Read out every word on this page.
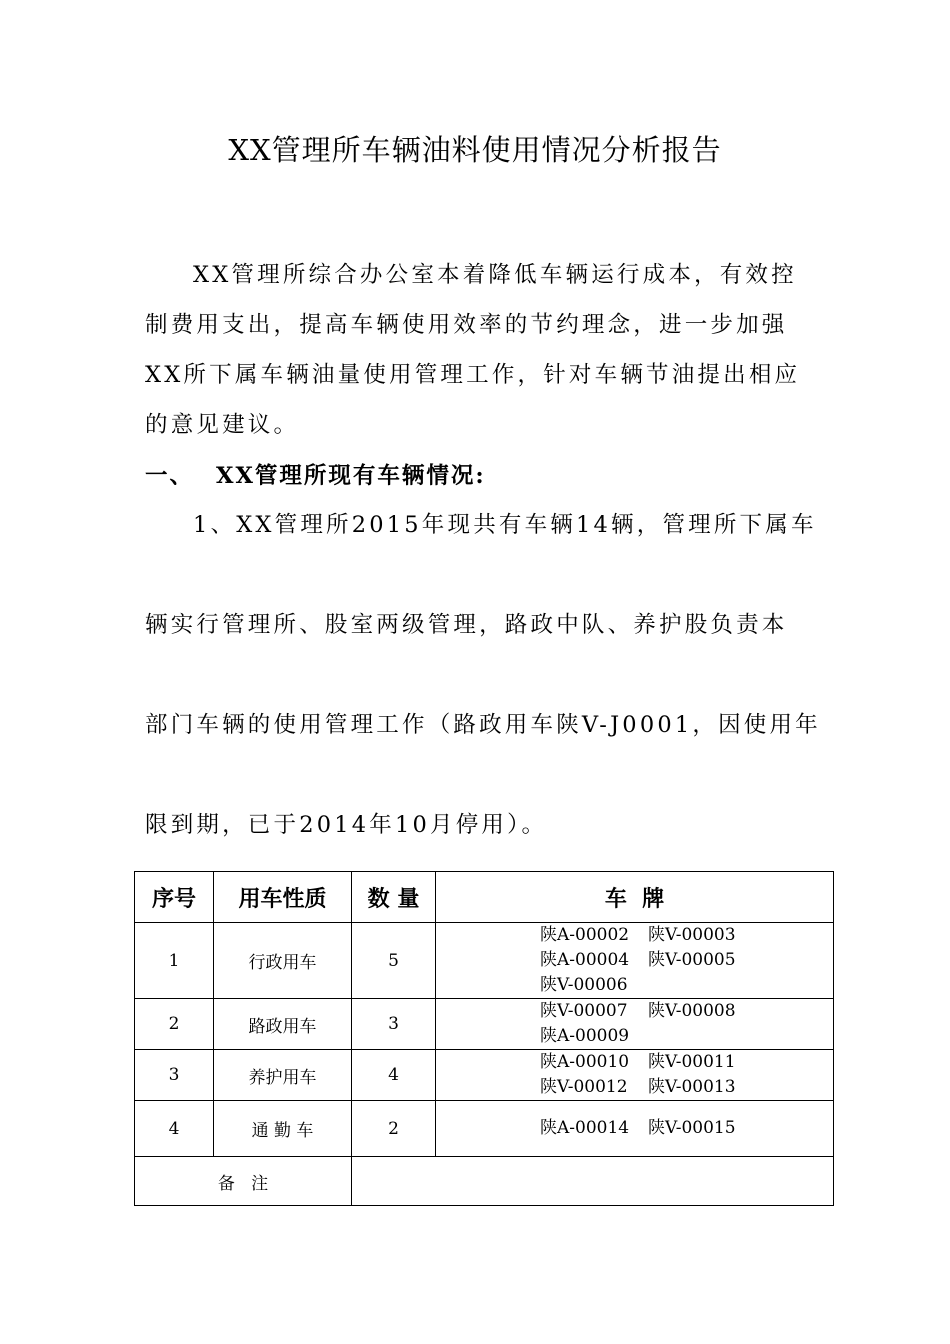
XX管理所车辆油料使用情况分析报告
XX管理所综合办公室本着降低车辆运行成本，有效控
制费用支出，提高车辆使用效率的节约理念，进一步加强
XX所下属车辆油量使用管理工作，针对车辆节油提出相应
的意见建议。
一、 XX管理所现有车辆情况:
1、XX管理所2015年现共有车辆14辆，管理所下属车
辆实行管理所、股室两级管理，路政中队、养护股负责本
部门车辆的使用管理工作（路政用车陕V-J0001，因使用年
限到期，已于2014年10月停用）。
序号	用车性质	数 量	车  牌
1	行政用车	5	陕A-00002 陕V-00003
陕A-00004 陕V-00005
陕V-00006
2	路政用车	3	陕V-00007 陕V-00008
陕A-00009
3	养护用车	4	陕A-00010 陕V-00011
陕V-00012 陕V-00013
4	通 勤 车	2	陕A-00014 陕V-00015
备   注			
